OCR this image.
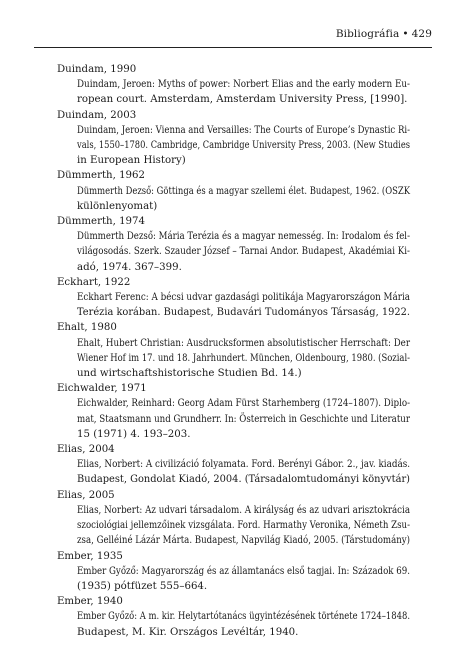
Bibliográfia • 429

Duindam, 1990

Duindam, Jeroen: Myths of power: Norbert Elias and the early modern Eu-
ropean court. Amsterdam, Amsterdam University Press, [1990].

Duindam, 2003

Duindam, Jeroen: Vienna and Versailles: The Courts of Europe’s Dynastic Ri-
vals, 1550–1780. Cambridge, Cambridge University Press, 2003. (New Studies
in European History)

Dümmerth, 1962

Dümmerth Dezső: Göttinga és a magyar szellemi élet. Budapest, 1962. (OSZK
különlenyomat)

Dümmerth, 1974

Dümmerth Dezső: Mária Terézia és a magyar nemesség. In: Irodalom és fel-
világosodás. Szerk. Szauder József – Tarnai Andor. Budapest, Akadémiai Ki-
adó, 1974. 367–399.

Eckhart, 1922

Eckhart Ferenc: A bécsi udvar gazdasági politikája Magyarországon Mária
Terézia korában. Budapest, Budavári Tudományos Társaság, 1922.

Ehalt, 1980

Ehalt, Hubert Christian: Ausdrucksformen absolutistischer Herrschaft: Der
Wiener Hof im 17. und 18. Jahrhundert. München, Oldenbourg, 1980. (Sozial-
und wirtschaftshistorische Studien Bd. 14.)

Eichwalder, 1971

Eichwalder, Reinhard: Georg Adam Fürst Starhemberg (1724–1807). Diplo-
mat, Staatsmann und Grundherr. In: Österreich in Geschichte und Literatur
15 (1971) 4. 193–203.

Elias, 2004

Elias, Norbert: A civilizáció folyamata. Ford. Berényi Gábor. 2., jav. kiadás.
Budapest, Gondolat Kiadó, 2004. (Társadalomtudományi könyvtár)

Elias, 2005

Elias, Norbert: Az udvari társadalom. A királyság és az udvari arisztokrácia
szociológiai jellemzőinek vizsgálata. Ford. Harmathy Veronika, Németh Zsu-
zsa, Gelléiné Lázár Márta. Budapest, Napvilág Kiadó, 2005. (Társtudomány)

Ember, 1935

Ember Győző: Magyarország és az államtanács első tagjai. In: Századok 69.
(1935) pótfüzet 555–664.

Ember, 1940

Ember Győző: A m. kir. Helytartótanács ügyintézésének története 1724–1848.
Budapest, M. Kir. Országos Levéltár, 1940.
